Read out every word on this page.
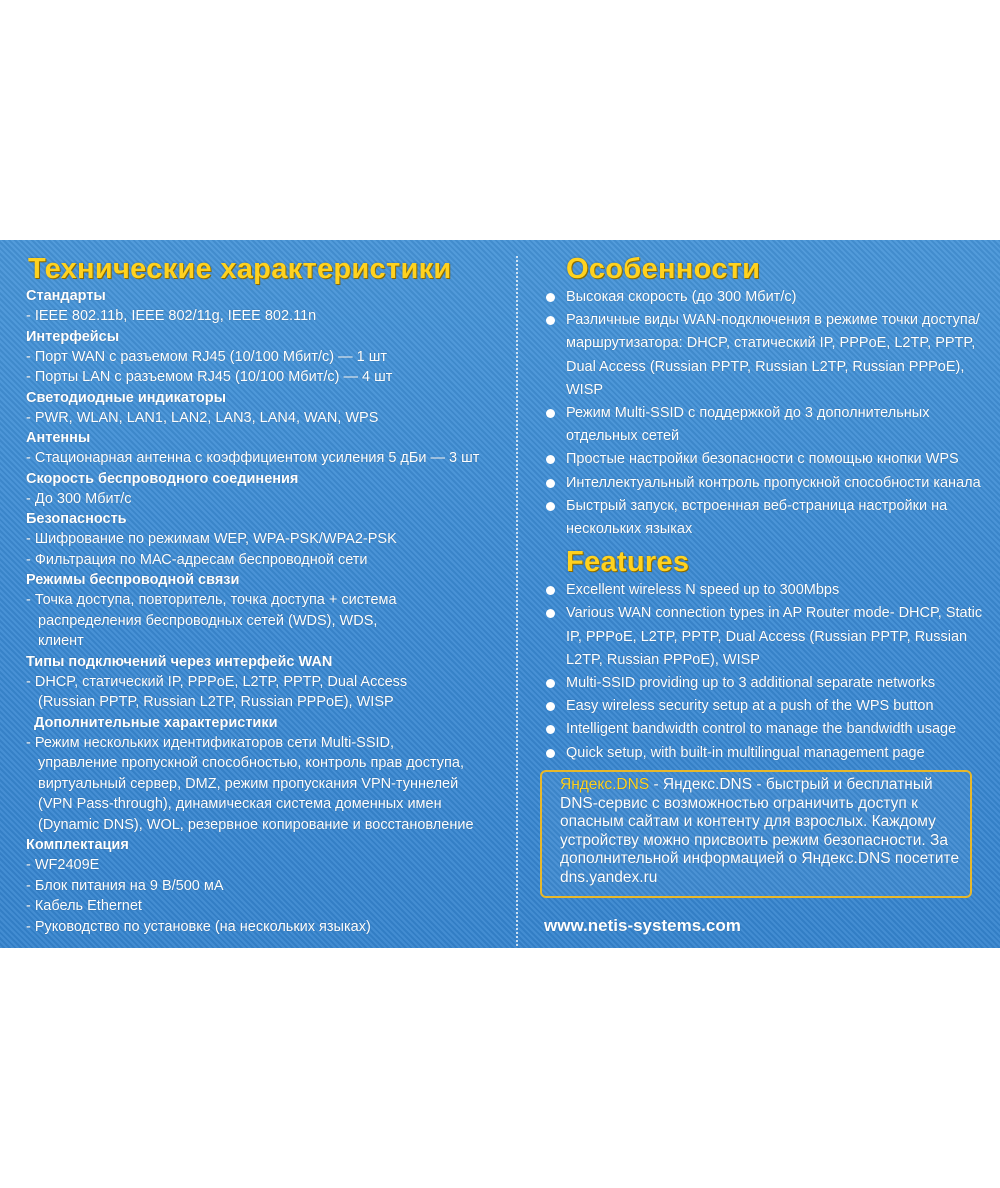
Технические характеристики
Стандарты
- IEEE 802.11b, IEEE 802/11g, IEEE 802.11n
Интерфейсы
- Порт WAN с разъемом RJ45 (10/100 Мбит/с) — 1 шт
- Порты LAN с разъемом RJ45 (10/100 Мбит/с) — 4 шт
Светодиодные индикаторы
- PWR, WLAN, LAN1, LAN2, LAN3, LAN4, WAN, WPS
Антенны
- Стационарная антенна с коэффициентом усиления 5 дБи — 3 шт
Скорость беспроводного соединения
- До 300 Мбит/с
Безопасность
- Шифрование по режимам WEP, WPA-PSK/WPA2-PSK
- Фильтрация по МАС-адресам беспроводной сети
Режимы беспроводной связи
- Точка доступа, повторитель, точка доступа + система
распределения беспроводных сетей (WDS), WDS,
клиент
Типы подключений через интерфейс WAN
- DHCP, статический IP, PPPoE, L2TP, PPTP, Dual Access
(Russian PPTP, Russian L2TP, Russian PPPoE), WISP
Дополнительные характеристики
- Режим нескольких идентификаторов сети Multi-SSID,
управление пропускной способностью, контроль прав доступа,
виртуальный сервер, DMZ, режим пропускания VPN-туннелей
(VPN Pass-through), динамическая система доменных имен
(Dynamic DNS), WOL, резервное копирование и восстановление
Комплектация
- WF2409E
- Блок питания на 9 В/500 мА
- Кабель Ethernet
- Руководство по установке (на нескольких языках)
Особенности
Высокая скорость (до 300 Мбит/с)
Различные виды WAN-подключения в режиме точки доступа/маршрутизатора: DHCP, статический IP, PPPoE, L2TP, PPTP, Dual Access (Russian PPTP, Russian L2TP, Russian PPPoE), WISP
Режим Multi-SSID с поддержкой до 3 дополнительных отдельных сетей
Простые настройки безопасности с помощью кнопки WPS
Интеллектуальный контроль пропускной способности канала
Быстрый запуск, встроенная веб-страница настройки на нескольких языках
Features
Excellent wireless N speed up to 300Mbps
Various WAN connection types in AP Router mode- DHCP, Static IP, PPPoE, L2TP, PPTP, Dual Access (Russian PPTP, Russian L2TP, Russian PPPoE), WISP
Multi-SSID providing up to 3 additional separate networks
Easy wireless security setup at a push of the WPS button
Intelligent bandwidth control to manage the bandwidth usage
Quick setup, with built-in multilingual management page
Яндекс.DNS - Яндекс.DNS - быстрый и бесплатный DNS-сервис с возможностью ограничить доступ к опасным сайтам и контенту для взрослых. Каждому устройству можно присвоить режим безопасности. За дополнительной информацией о Яндекс.DNS посетите dns.yandex.ru
www.netis-systems.com
